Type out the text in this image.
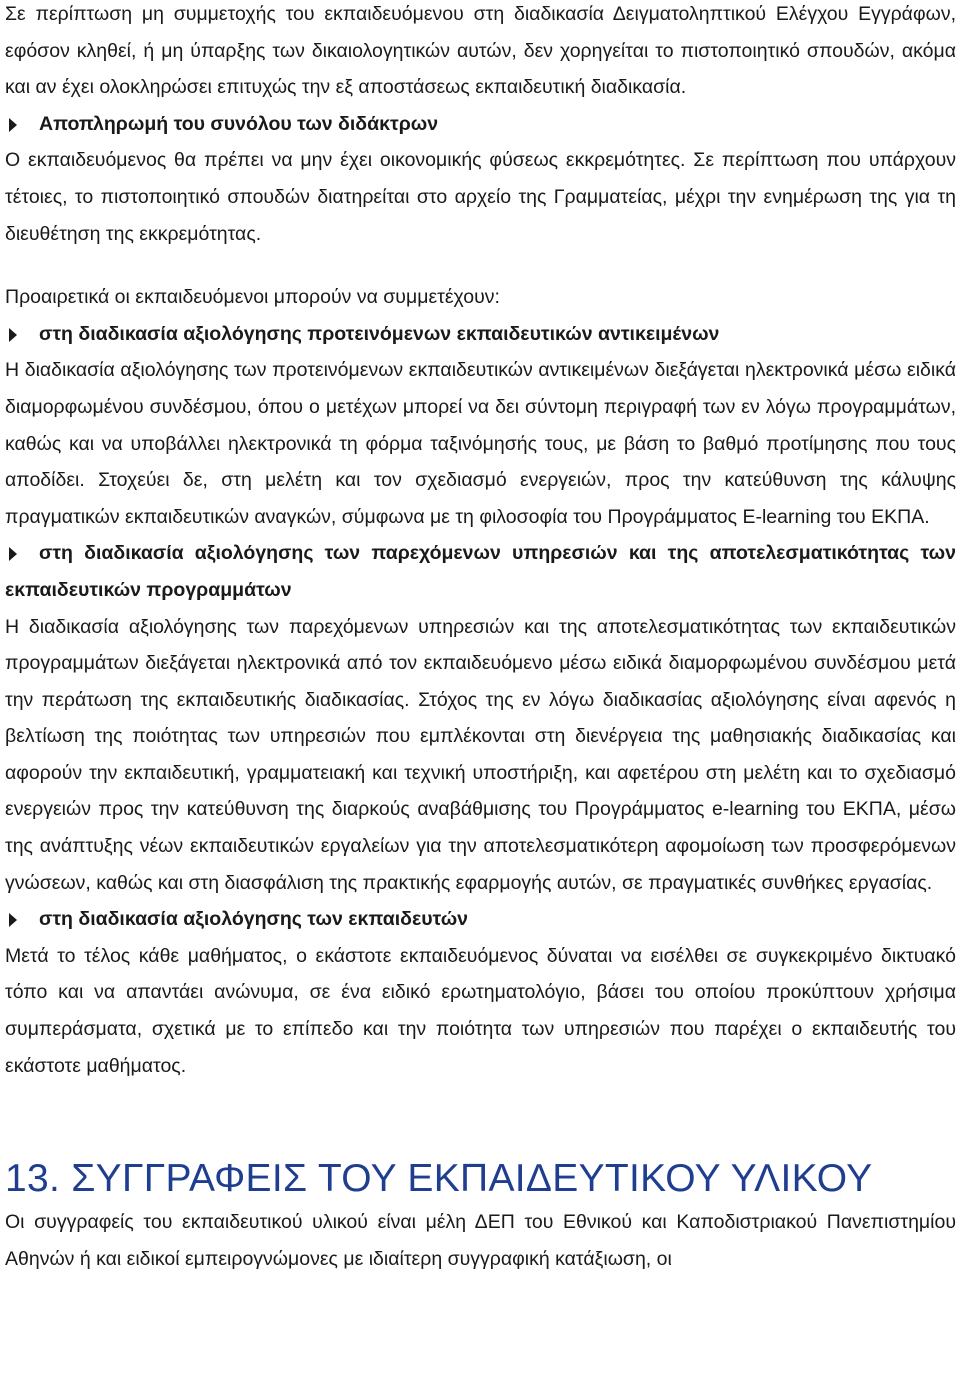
Σε περίπτωση μη συμμετοχής του εκπαιδευόμενου στη διαδικασία Δειγματοληπτικού Ελέγχου Εγγράφων, εφόσον κληθεί, ή μη ύπαρξης των δικαιολογητικών αυτών, δεν χορηγείται το πιστοποιητικό σπουδών, ακόμα και αν έχει ολοκληρώσει επιτυχώς την εξ αποστάσεως εκπαιδευτική διαδικασία.

Αποπληρωμή του συνόλου των διδάκτρων

Ο εκπαιδευόμενος θα πρέπει να μην έχει οικονομικής φύσεως εκκρεμότητες. Σε περίπτωση που υπάρχουν τέτοιες, το πιστοποιητικό σπουδών διατηρείται στο αρχείο της Γραμματείας, μέχρι την ενημέρωση της για τη διευθέτηση της εκκρεμότητας.

Προαιρετικά οι εκπαιδευόμενοι μπορούν να συμμετέχουν:

στη διαδικασία αξιολόγησης προτεινόμενων εκπαιδευτικών αντικειμένων

Η διαδικασία αξιολόγησης των προτεινόμενων εκπαιδευτικών αντικειμένων διεξάγεται ηλεκτρονικά μέσω ειδικά διαμορφωμένου συνδέσμου, όπου ο μετέχων μπορεί να δει σύντομη περιγραφή των εν λόγω προγραμμάτων, καθώς και να υποβάλλει ηλεκτρονικά τη φόρμα ταξινόμησής τους, με βάση το βαθμό προτίμησης που τους αποδίδει. Στοχεύει δε, στη μελέτη και τον σχεδιασμό ενεργειών, προς την κατεύθυνση της κάλυψης πραγματικών εκπαιδευτικών αναγκών, σύμφωνα με τη φιλοσοφία του Προγράμματος E-learning του ΕΚΠΑ.

στη διαδικασία αξιολόγησης των παρεχόμενων υπηρεσιών και της αποτελεσματικότητας των εκπαιδευτικών προγραμμάτων

Η διαδικασία αξιολόγησης των παρεχόμενων υπηρεσιών και της αποτελεσματικότητας των εκπαιδευτικών προγραμμάτων διεξάγεται ηλεκτρονικά από τον εκπαιδευόμενο μέσω ειδικά διαμορφωμένου συνδέσμου μετά την περάτωση της εκπαιδευτικής διαδικασίας. Στόχος της εν λόγω διαδικασίας αξιολόγησης είναι αφενός η βελτίωση της ποιότητας των υπηρεσιών που εμπλέκονται στη διενέργεια της μαθησιακής διαδικασίας και αφορούν την εκπαιδευτική, γραμματειακή και τεχνική υποστήριξη, και αφετέρου στη μελέτη και το σχεδιασμό ενεργειών προς την κατεύθυνση της διαρκούς αναβάθμισης του Προγράμματος e-learning του ΕΚΠΑ, μέσω της ανάπτυξης νέων εκπαιδευτικών εργαλείων για την αποτελεσματικότερη αφομοίωση των προσφερόμενων γνώσεων, καθώς και στη διασφάλιση της πρακτικής εφαρμογής αυτών, σε πραγματικές συνθήκες εργασίας.

στη διαδικασία αξιολόγησης των εκπαιδευτών

Μετά το τέλος κάθε μαθήματος, ο εκάστοτε εκπαιδευόμενος δύναται να εισέλθει σε συγκεκριμένο δικτυακό τόπο και να απαντάει ανώνυμα, σε ένα ειδικό ερωτηματολόγιο, βάσει του οποίου προκύπτουν χρήσιμα συμπεράσματα, σχετικά με το επίπεδο και την ποιότητα των υπηρεσιών που παρέχει ο εκπαιδευτής του εκάστοτε μαθήματος.

13. ΣΥΓΓΡΑΦΕΙΣ ΤΟΥ ΕΚΠΑΙΔΕΥΤΙΚΟΥ ΥΛΙΚΟΥ

Οι συγγραφείς του εκπαιδευτικού υλικού είναι μέλη ΔΕΠ του Εθνικού και Καποδιστριακού Πανεπιστημίου Αθηνών ή και ειδικοί εμπειρογνώμονες με ιδιαίτερη συγγραφική κατάξιωση, οι
